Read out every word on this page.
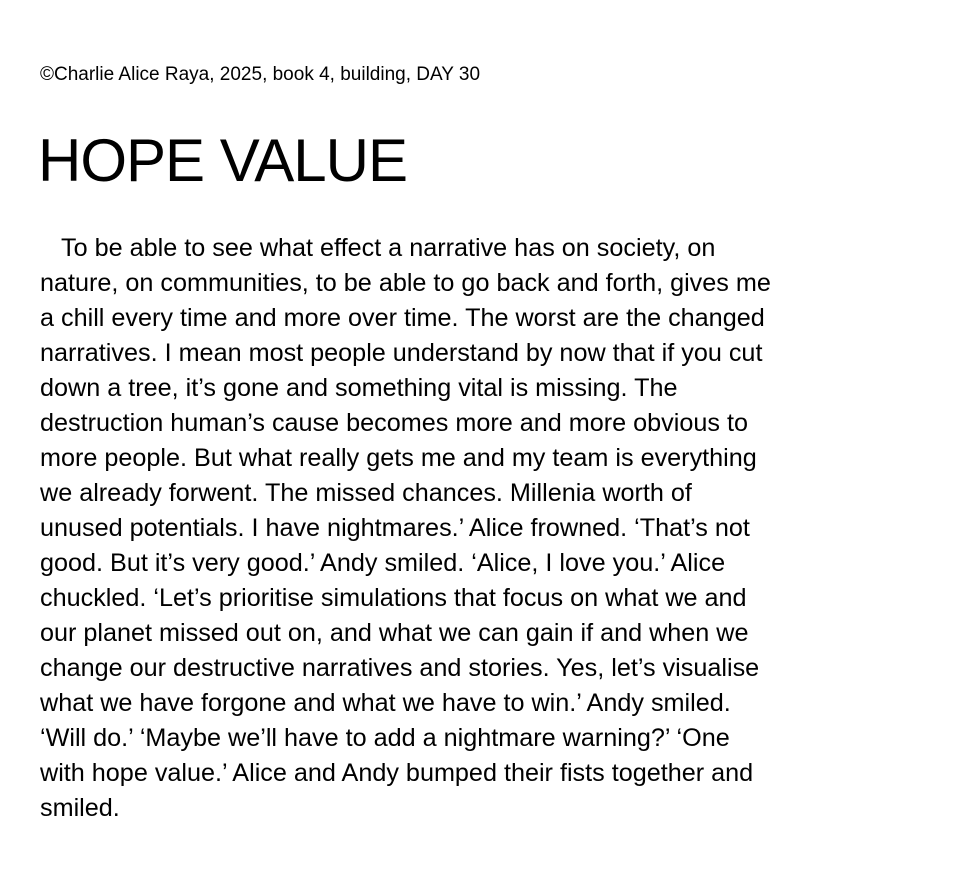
©Charlie Alice Raya, 2025, book 4, building, DAY 30
HOPE VALUE

To be able to see what effect a narrative has on society, on
nature, on communities, to be able to go back and forth, gives me
a chill every time and more over time. The worst are the changed
narratives. I mean most people understand by now that if you cut
down a tree, it’s gone and something vital is missing. The
destruction human’s cause becomes more and more obvious to
more people. But what really gets me and my team is everything
we already forwent. The missed chances. Millenia worth of
unused potentials. I have nightmares.’ Alice frowned. ‘That’s not
good. But it’s very good.’ Andy smiled. ‘Alice, I love you.’ Alice
chuckled. ‘Let’s prioritise simulations that focus on what we and
our planet missed out on, and what we can gain if and when we
change our destructive narratives and stories. Yes, let’s visualise
what we have forgone and what we have to win.’ Andy smiled.
‘Will do.’ ‘Maybe we’ll have to add a nightmare warning?’ ‘One
with hope value.’ Alice and Andy bumped their fists together and
smiled.
